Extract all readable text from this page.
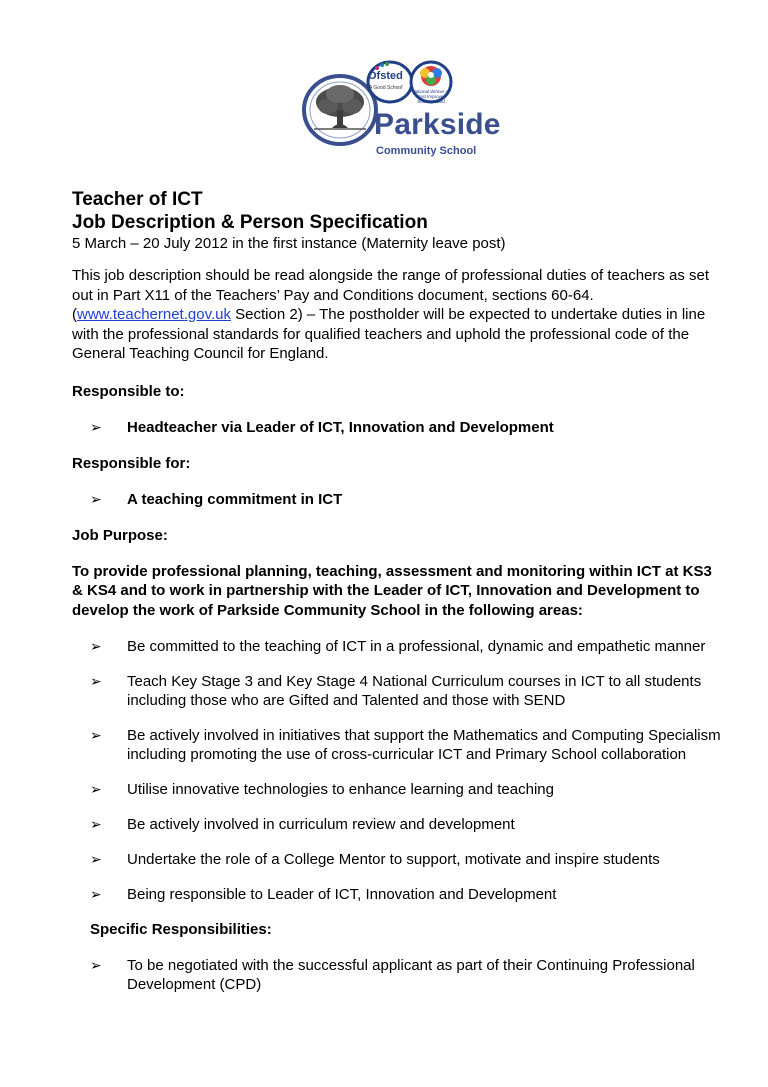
Ofsted
'A Good School'
National Winner of Most Improved School Award
Parkside
Community School
Teacher of ICT
Job Description & Person Specification

5 March – 20 July 2012 in the first instance (Maternity leave post)

This job description should be read alongside the range of professional duties of teachers as set out in Part X11 of the Teachers’ Pay and Conditions document, sections 60-64. (www.teachernet.gov.uk Section 2) – The postholder will be expected to undertake duties in line with the professional standards for qualified teachers and uphold the professional code of the General Teaching Council for England.

Responsible to:

➢	Headteacher via Leader of ICT, Innovation and Development

Responsible for:

➢	A teaching commitment in ICT

Job Purpose:

To provide professional planning, teaching, assessment and monitoring within ICT at KS3 & KS4 and to work in partnership with the Leader of ICT, Innovation and Development to develop the work of Parkside Community School in the following areas:

➢	Be committed to the teaching of ICT in a professional, dynamic and empathetic manner
➢	Teach Key Stage 3 and Key Stage 4 National Curriculum courses in ICT to all students including those who are Gifted and Talented and those with SEND
➢	Be actively involved in initiatives that support the Mathematics and Computing Specialism including promoting the use of cross-curricular ICT and Primary School collaboration
➢	Utilise innovative technologies to enhance learning and teaching
➢	Be actively involved in curriculum review and development
➢	Undertake the role of a College Mentor to support, motivate and inspire students
➢	Being responsible to Leader of ICT, Innovation and Development

Specific Responsibilities:

➢	To be negotiated with the successful applicant as part of their Continuing Professional Development (CPD)
